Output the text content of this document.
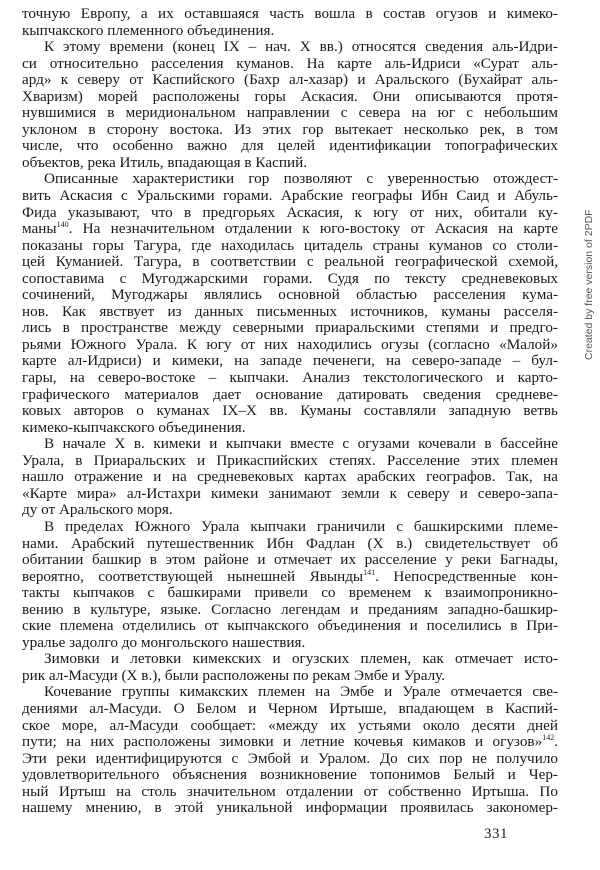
точную Европу, а их оставшаяся часть вошла в состав огузов и кимеко-
кыпчакского племенного объединения.
К этому времени (конец IX – нач. X вв.) относятся сведения аль-Идри-
си относительно расселения куманов. На карте аль-Идриси «Сурат аль-
ард» к северу от Каспийского (Бахр ал-хазар) и Аральского (Бухайрат аль-
Хваризм) морей расположены горы Аскасия. Они описываются протя-
нувшимися в меридиональном направлении с севера на юг с небольшим
уклоном в сторону востока. Из этих гор вытекает несколько рек, в том
числе, что особенно важно для целей идентификации топографических
объектов, река Итиль, впадающая в Каспий.
Описанные характеристики гор позволяют с уверенностью отождест-
вить Аскасия с Уральскими горами. Арабские географы Ибн Саид и Абуль-
Фида указывают, что в предгорьях Аскасия, к югу от них, обитали ку-
маны$^{140}$. На незначительном отдалении к юго-востоку от Аскасия на карте
показаны горы Тагура, где находилась цитадель страны куманов со столи-
цей Куманией. Тагура, в соответствии с реальной географической схемой,
сопоставима с Мугоджарскими горами. Судя по тексту средневековых
сочинений, Мугоджары являлись основной областью расселения кума-
нов. Как явствует из данных письменных источников, куманы расселя-
лись в пространстве между северными приаральскими степями и предго-
рьями Южного Урала. К югу от них находились огузы (согласно «Малой»
карте ал-Идриси) и кимеки, на западе печенеги, на северо-западе – бул-
гары, на северо-востоке – кыпчаки. Анализ текстологического и карто-
графического материалов дает основание датировать сведения средневе-
ковых авторов о куманах IX–X вв. Куманы составляли западную ветвь
кимеко-кыпчакского объединения.
В начале X в. кимеки и кыпчаки вместе с огузами кочевали в бассейне
Урала, в Приаральских и Прикаспийских степях. Расселение этих племен
нашло отражение и на средневековых картах арабских географов. Так, на
«Карте мира» ал-Истахри кимеки занимают земли к северу и северо-запа-
ду от Аральского моря.
В пределах Южного Урала кыпчаки граничили с башкирскими племе-
нами. Арабский путешественник Ибн Фадлан (X в.) свидетельствует об
обитании башкир в этом районе и отмечает их расселение у реки Багнады,
вероятно, соответствующей нынешней Явынды$^{141}$. Непосредственные кон-
такты кыпчаков с башкирами привели со временем к взаимопроникно-
вению в культуре, языке. Согласно легендам и преданиям западно-башкир-
ские племена отделились от кыпчакского объединения и поселились в При-
уралье задолго до монгольского нашествия.
Зимовки и летовки кимекских и огузских племен, как отмечает исто-
рик ал-Масуди (X в.), были расположены по рекам Эмбе и Уралу.
Кочевание группы кимакских племен на Эмбе и Урале отмечается све-
дениями ал-Масуди. О Белом и Черном Иртыше, впадающем в Каспий-
ское море, ал-Масуди сообщает: «между их устьями около десяти дней
пути; на них расположены зимовки и летние кочевья кимаков и огузов»$^{142}$.
Эти реки идентифицируются с Эмбой и Уралом. До сих пор не получило
удовлетворительного объяснения возникновение топонимов Белый и Чер-
ный Иртыш на столь значительном отдалении от собственно Иртыша. По
нашему мнению, в этой уникальной информации проявилась закономер-
331
Created by free version of 2PDF
